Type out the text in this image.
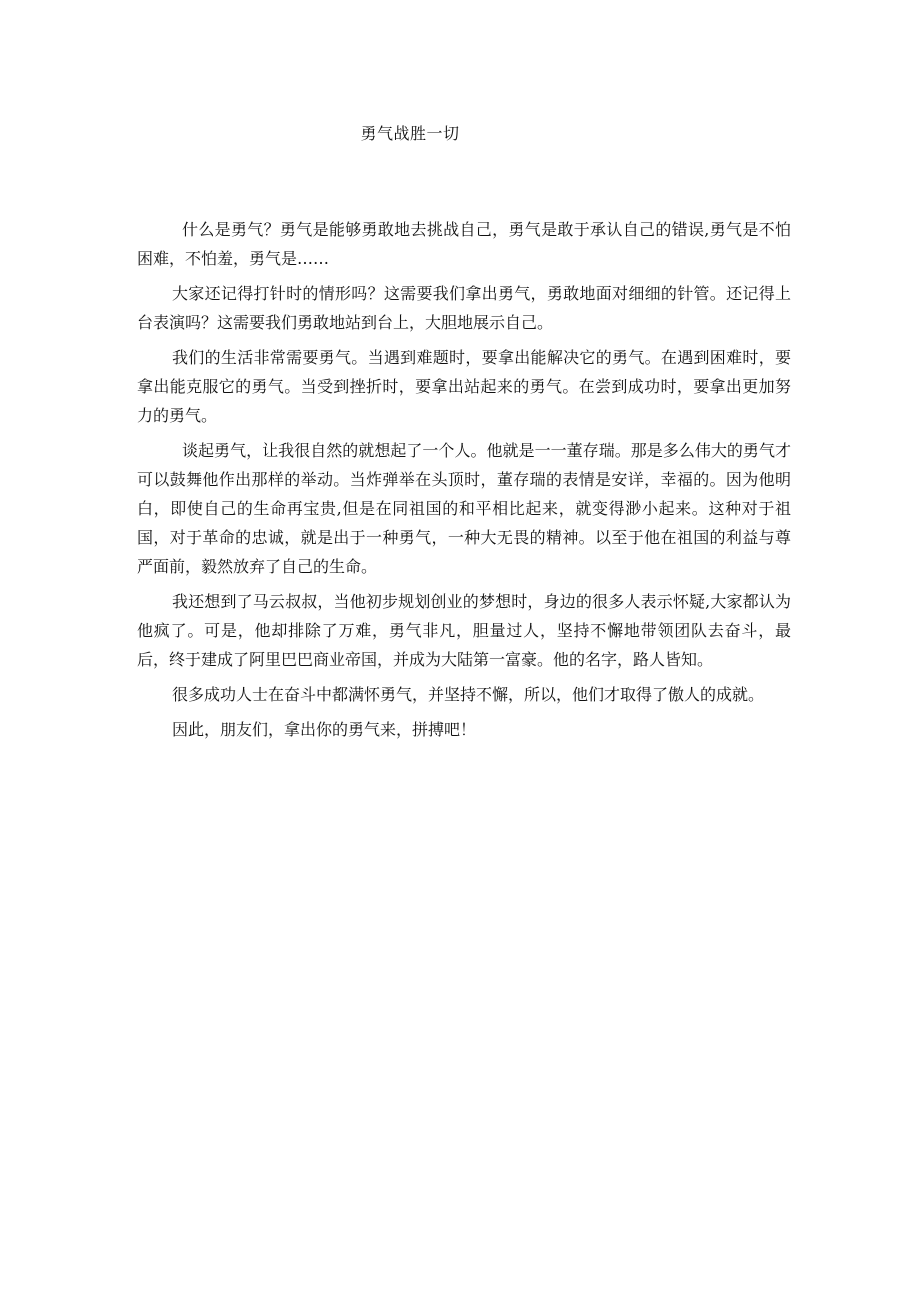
勇气战胜一切

什么是勇气？勇气是能够勇敢地去挑战自己，勇气是敢于承认自己的错误,勇气是不怕困难，不怕羞，勇气是……

大家还记得打针时的情形吗？这需要我们拿出勇气，勇敢地面对细细的针管。还记得上台表演吗？这需要我们勇敢地站到台上，大胆地展示自己。

我们的生活非常需要勇气。当遇到难题时，要拿出能解决它的勇气。在遇到困难时，要拿出能克服它的勇气。当受到挫折时，要拿出站起来的勇气。在尝到成功时，要拿出更加努力的勇气。

谈起勇气，让我很自然的就想起了一个人。他就是一一董存瑞。那是多么伟大的勇气才可以鼓舞他作出那样的举动。当炸弹举在头顶时，董存瑞的表情是安详，幸福的。因为他明白，即使自己的生命再宝贵,但是在同祖国的和平相比起来，就变得渺小起来。这种对于祖国，对于革命的忠诚，就是出于一种勇气，一种大无畏的精神。以至于他在祖国的利益与尊严面前，毅然放弃了自己的生命。

我还想到了马云叔叔，当他初步规划创业的梦想时，身边的很多人表示怀疑,大家都认为他疯了。可是，他却排除了万难，勇气非凡，胆量过人，坚持不懈地带领团队去奋斗，最后，终于建成了阿里巴巴商业帝国，并成为大陆第一富豪。他的名字，路人皆知。

很多成功人士在奋斗中都满怀勇气，并坚持不懈，所以，他们才取得了傲人的成就。

因此，朋友们，拿出你的勇气来，拼搏吧！
